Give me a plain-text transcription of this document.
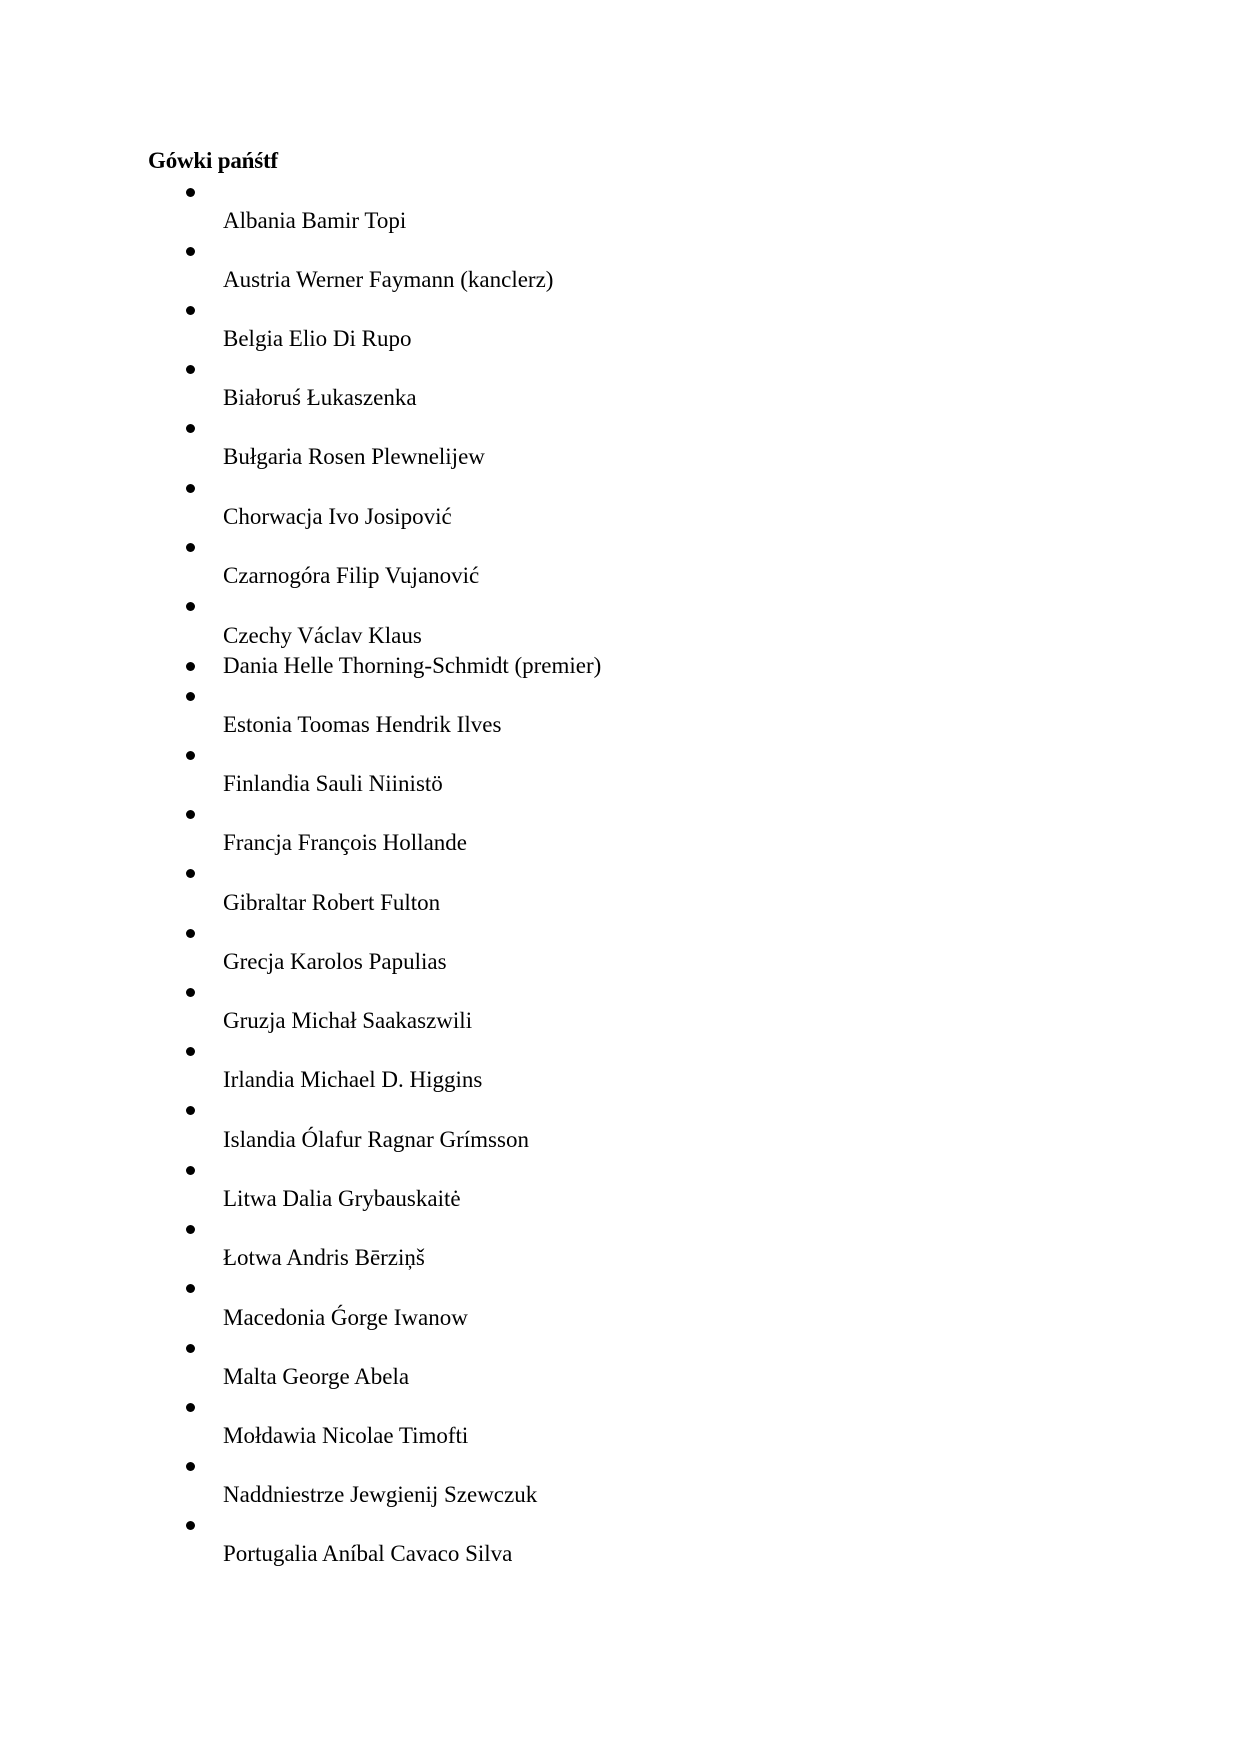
Gówki pańśtf
Albania Bamir Topi
Austria Werner Faymann (kanclerz)
Belgia Elio Di Rupo
Białoruś Łukaszenka
Bułgaria Rosen Plewnelijew
Chorwacja Ivo Josipović
Czarnogóra Filip Vujanović
Czechy Václav Klaus
Dania Helle Thorning-Schmidt (premier)
Estonia Toomas Hendrik Ilves
Finlandia Sauli Niinistö
Francja François Hollande
Gibraltar Robert Fulton
Grecja Karolos Papulias
Gruzja Michał Saakaszwili
Irlandia Michael D. Higgins
Islandia Ólafur Ragnar Grímsson
Litwa Dalia Grybauskaitė
Łotwa Andris Bērziņš
Macedonia Ǵorge Iwanow
Malta George Abela
Mołdawia Nicolae Timofti
Naddniestrze Jewgienij Szewczuk
Portugalia Aníbal Cavaco Silva
